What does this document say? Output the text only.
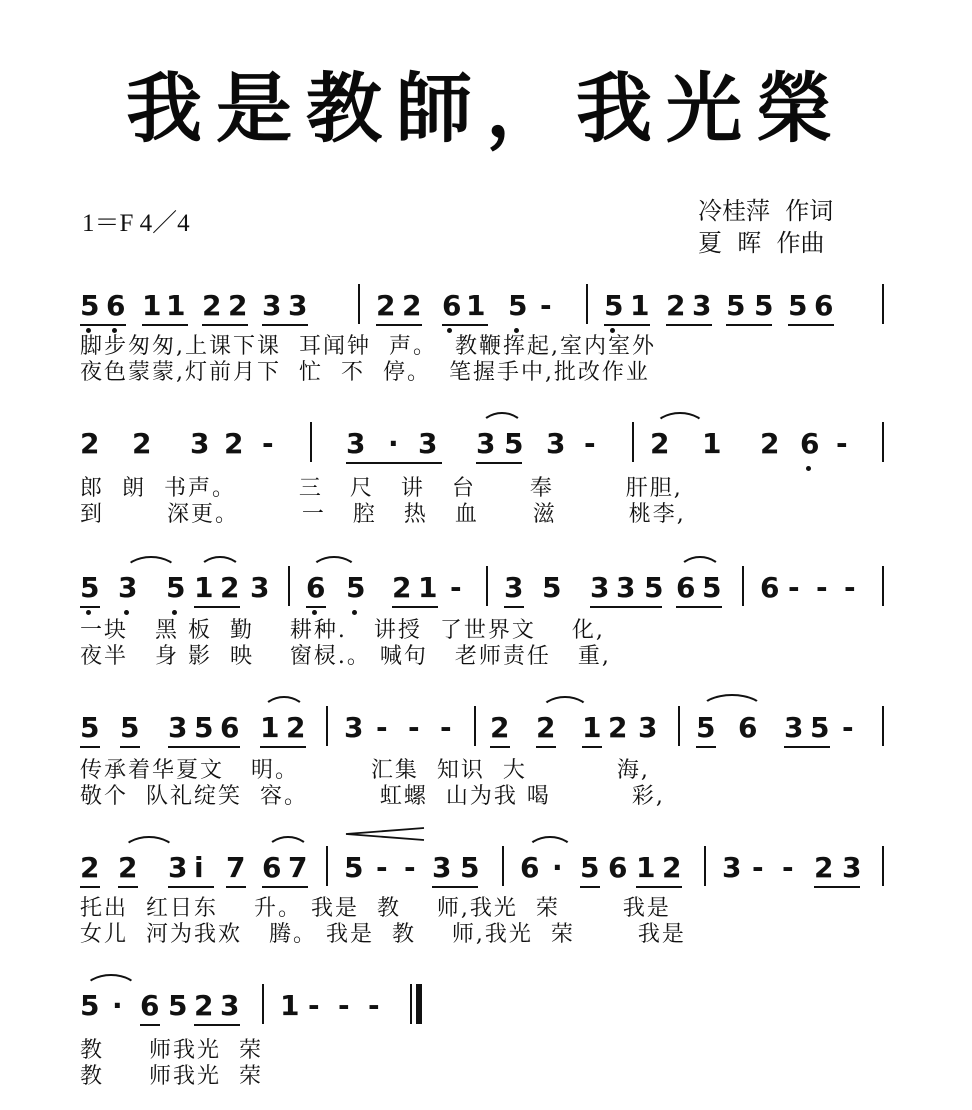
我是教師，我光榮
1＝F 4／4	冷桂萍  作词
夏  晖  作曲
5 6 1 1 2 2 3 3 2 2 6 1 5 - 5 1 2 3 5 5 5 6
脚步匆匆,上课下课  耳闻钟  声。  教鞭挥起,室内室外
夜色蒙蒙,灯前月下  忙  不  停。  笔握手中,批改作业
2 2 3 2 -	3 · 3 3 5 3 - 2 1 2 6 -
郎  朗  书声。       三   尺   讲   台      奉        肝胆,
到       深更。       一   腔   热   血      滋        桃李,
5 3 5 1 2 3 6 5 2 1 - 3 5 3 3 5 6 5 6 - - -
一块   黑 板  勤    耕种.   讲授  了世界文    化,
夜半   身 影  映    窗棂.。 喊句   老师责任   重,
5 5 3 5 6 1 2 3 - - - 2 2 1 2 3 5 6 3 5 -
传承着华夏文   明。        汇集  知识  大          海,
敬个  队礼绽笑  容。        虹螺  山为我 喝         彩,
2 2 3 i 7 6 7 5 - - 3 5 6 · 5 6 1 2 3 - - 2 3
托出  红日东    升。 我是  教    师,我光  荣       我是
女儿  河为我欢   腾。 我是  教    师,我光  荣       我是
5 · 6 5 2 3 1 - - -
教     师我光  荣
教     师我光  荣
